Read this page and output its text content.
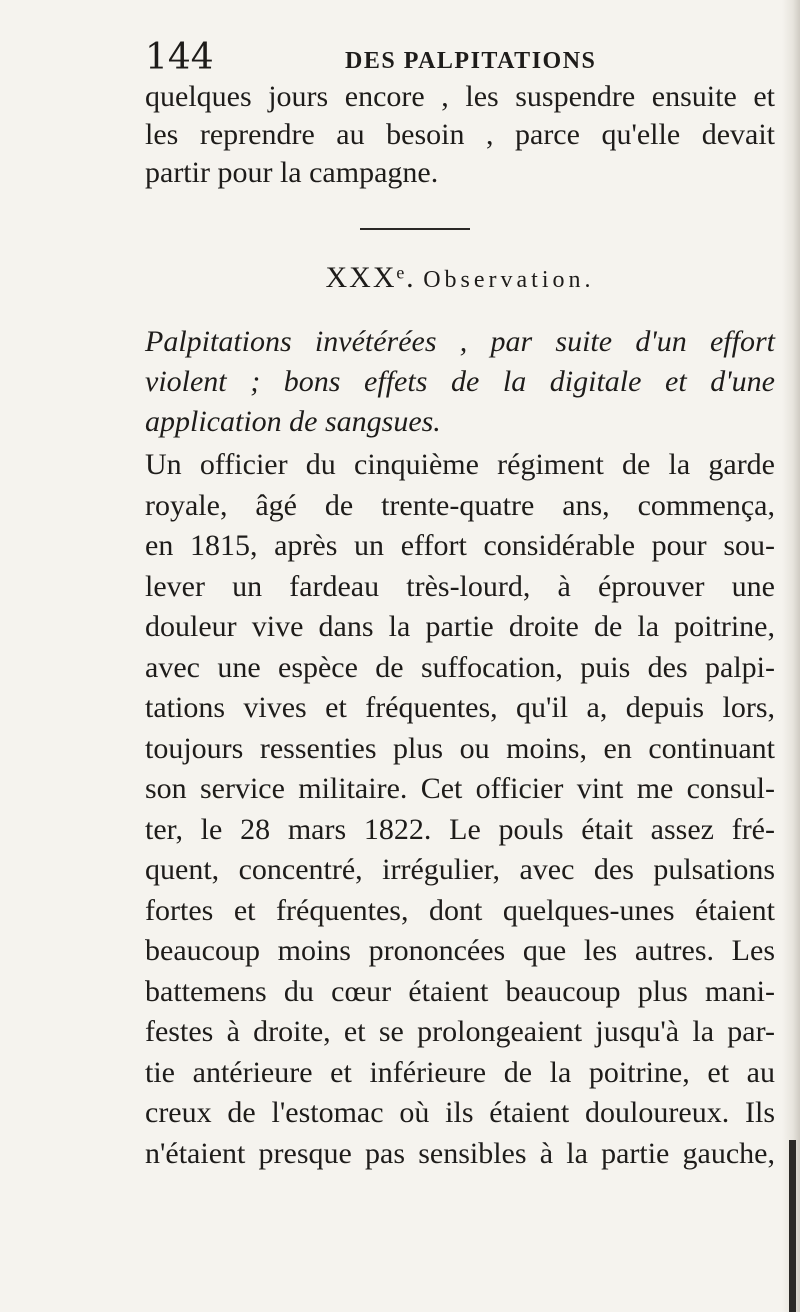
144	DES PALPITATIONS
quelques jours encore , les suspendre ensuite et
les reprendre au besoin , parce qu'elle devait
partir pour la campagne.
XXXᵉ. Observation.
Palpitations invétérées , par suite d'un effort
violent ; bons effets de la digitale et d'une
application de sangsues.
Un officier du cinquième régiment de la garde
royale, âgé de trente-quatre ans, commença,
en 1815, après un effort considérable pour sou-
lever un fardeau très-lourd, à éprouver une
douleur vive dans la partie droite de la poitrine,
avec une espèce de suffocation, puis des palpi-
tations vives et fréquentes, qu'il a, depuis lors,
toujours ressenties plus ou moins, en continuant
son service militaire. Cet officier vint me consul-
ter, le 28 mars 1822. Le pouls était assez fré-
quent, concentré, irrégulier, avec des pulsations
fortes et fréquentes, dont quelques-unes étaient
beaucoup moins prononcées que les autres. Les
battemens du cœur étaient beaucoup plus mani-
festes à droite, et se prolongeaient jusqu'à la par-
tie antérieure et inférieure de la poitrine, et au
creux de l'estomac où ils étaient douloureux. Ils
n'étaient presque pas sensibles à la partie gauche,
